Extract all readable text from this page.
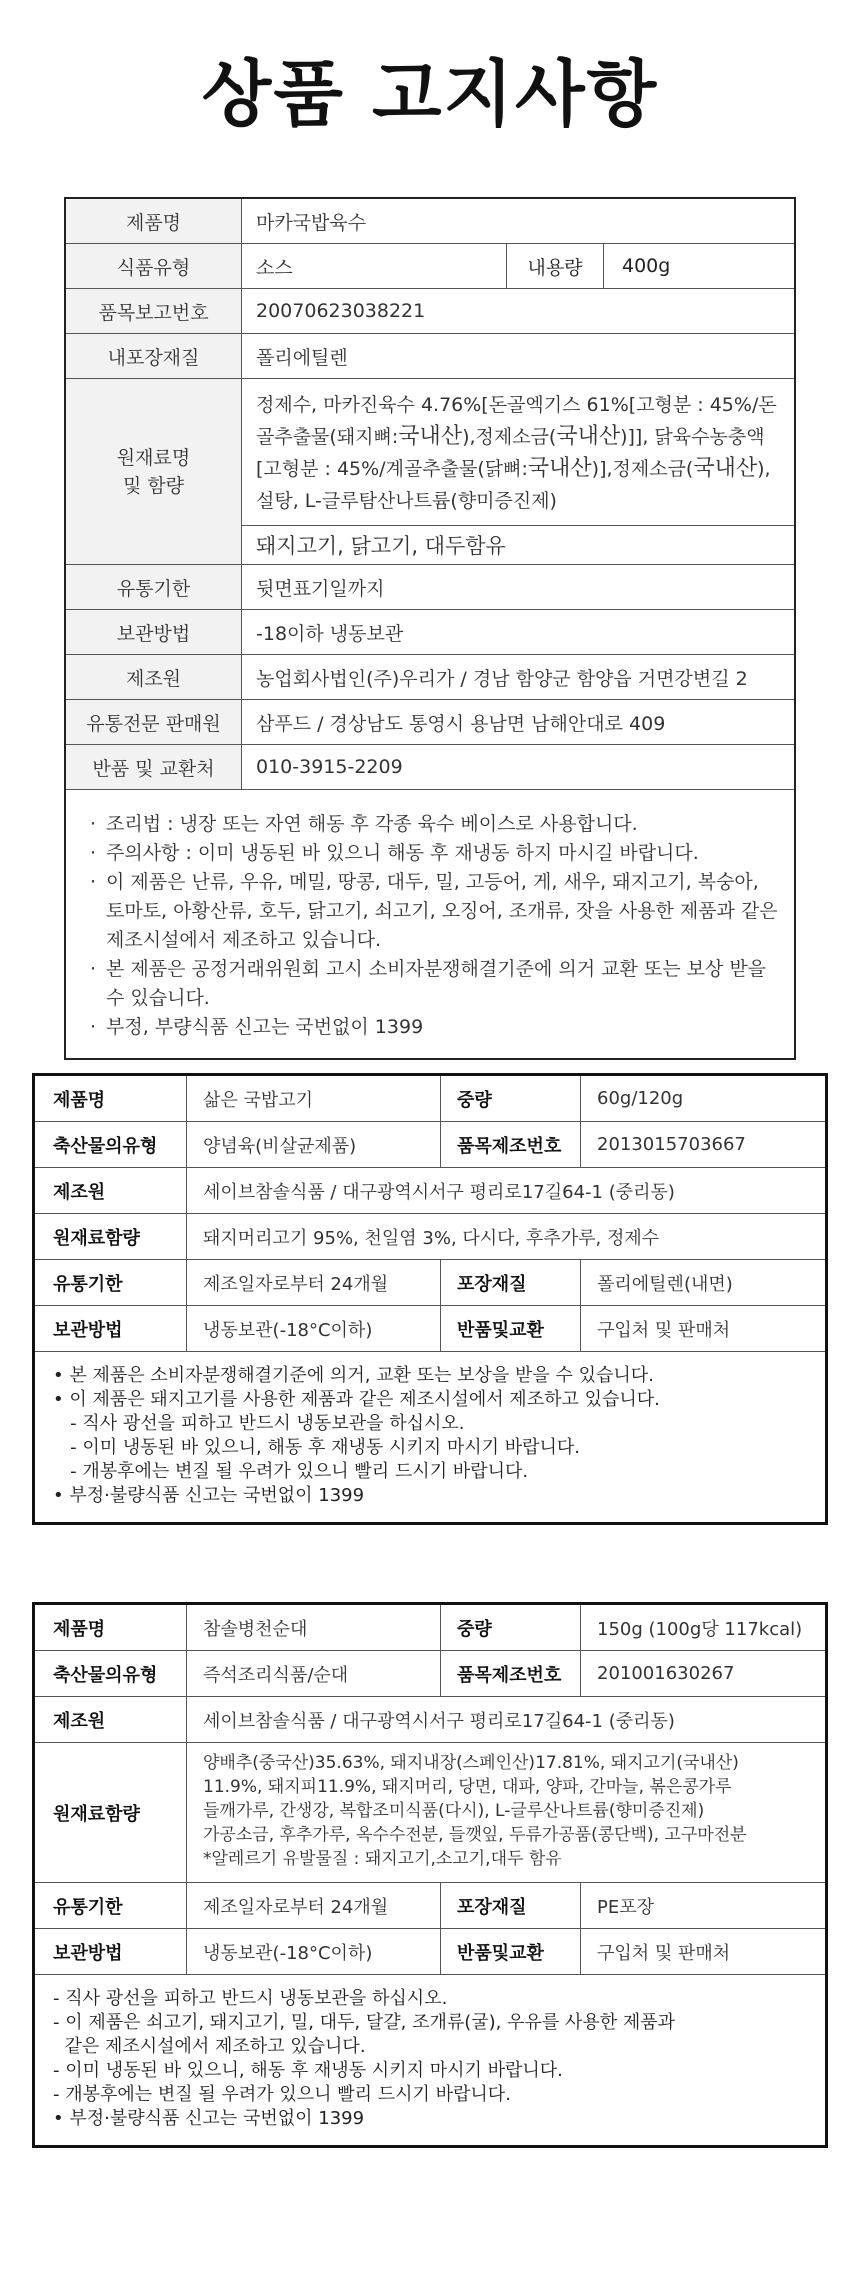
상품 고지사항
제품명	마카국밥육수
식품유형	소스	내용량	400g
품목보고번호	20070623038221
내포장재질	폴리에틸렌
원재료명
및 함량
정제수, 마카진육수 4.76%[돈골엑기스 61%[고형분 : 45%/돈골추출물(돼지뼈:국내산),정제소금(국내산)]], 닭육수농충액[고형분 : 45%/계골추출물(닭뼈:국내산)],정제소금(국내산), 설탕, L-글루탐산나트륨(향미증진제)
돼지고기, 닭고기, 대두함유
유통기한	뒷면표기일까지
보관방법	-18이하 냉동보관
제조원	농업회사법인(주)우리가 / 경남 함양군 함양읍 거면강변길 2
유통전문 판매원	삼푸드 / 경상남도 통영시 용남면 남해안대로 409
반품 및 교환처	010-3915-2209
· 조리법 : 냉장 또는 자연 해동 후 각종 육수 베이스로 사용합니다.
· 주의사항 : 이미 냉동된 바 있으니 해동 후 재냉동 하지 마시길 바랍니다.
· 이 제품은 난류, 우유, 메밀, 땅콩, 대두, 밀, 고등어, 게, 새우, 돼지고기, 복숭아, 토마토, 아황산류, 호두, 닭고기, 쇠고기, 오징어, 조개류, 잣을 사용한 제품과 같은 제조시설에서 제조하고 있습니다.
· 본 제품은 공정거래위원회 고시 소비자분쟁해결기준에 의거 교환 또는 보상 받을 수 있습니다.
· 부정, 부량식품 신고는 국번없이 1399
제품명	삶은 국밥고기	중량	60g/120g
축산물의유형	양념육(비살균제품)	품목제조번호	2013015703667
제조원	세이브참솔식품 / 대구광역시서구 평리로17길64-1 (중리동)
원재료함량	돼지머리고기 95%, 천일염 3%, 다시다, 후추가루, 정제수
유통기한	제조일자로부터 24개월	포장재질	폴리에틸렌(내면)
보관방법	냉동보관(-18°C이하)	반품및교환	구입처 및 판매처
• 본 제품은 소비자분쟁해결기준에 의거, 교환 또는 보상을 받을 수 있습니다.
• 이 제품은 돼지고기를 사용한 제품과 같은 제조시설에서 제조하고 있습니다.
- 직사 광선을 피하고 반드시 냉동보관을 하십시오.
- 이미 냉동된 바 있으니, 해동 후 재냉동 시키지 마시기 바랍니다.
- 개봉후에는 변질 될 우려가 있으니 빨리 드시기 바랍니다.
• 부정·불량식품 신고는 국번없이 1399
제품명	참솔병천순대	중량	150g (100g당 117kcal)
축산물의유형	즉석조리식품/순대	품목제조번호	201001630267
제조원	세이브참솔식품 / 대구광역시서구 평리로17길64-1 (중리동)
원재료함량
양배추(중국산)35.63%, 돼지내장(스페인산)17.81%, 돼지고기(국내산)
11.9%, 돼지피11.9%, 돼지머리, 당면, 대파, 양파, 간마늘, 볶은콩가루
들깨가루, 간생강, 복합조미식품(다시), L-글루산나트륨(향미증진제)
가공소금, 후추가루, 옥수수전분, 들깻잎, 두류가공품(콩단백), 고구마전분
*알레르기 유발물질 : 돼지고기,소고기,대두 함유
유통기한	제조일자로부터 24개월	포장재질	PE포장
보관방법	냉동보관(-18°C이하)	반품및교환	구입처 및 판매처
- 직사 광선을 피하고 반드시 냉동보관을 하십시오.
- 이 제품은 쇠고기, 돼지고기, 밀, 대두, 달걀, 조개류(굴), 우유를 사용한 제품과
같은 제조시설에서 제조하고 있습니다.
- 이미 냉동된 바 있으니, 해동 후 재냉동 시키지 마시기 바랍니다.
- 개봉후에는 변질 될 우려가 있으니 빨리 드시기 바랍니다.
• 부정·불량식품 신고는 국번없이 1399
